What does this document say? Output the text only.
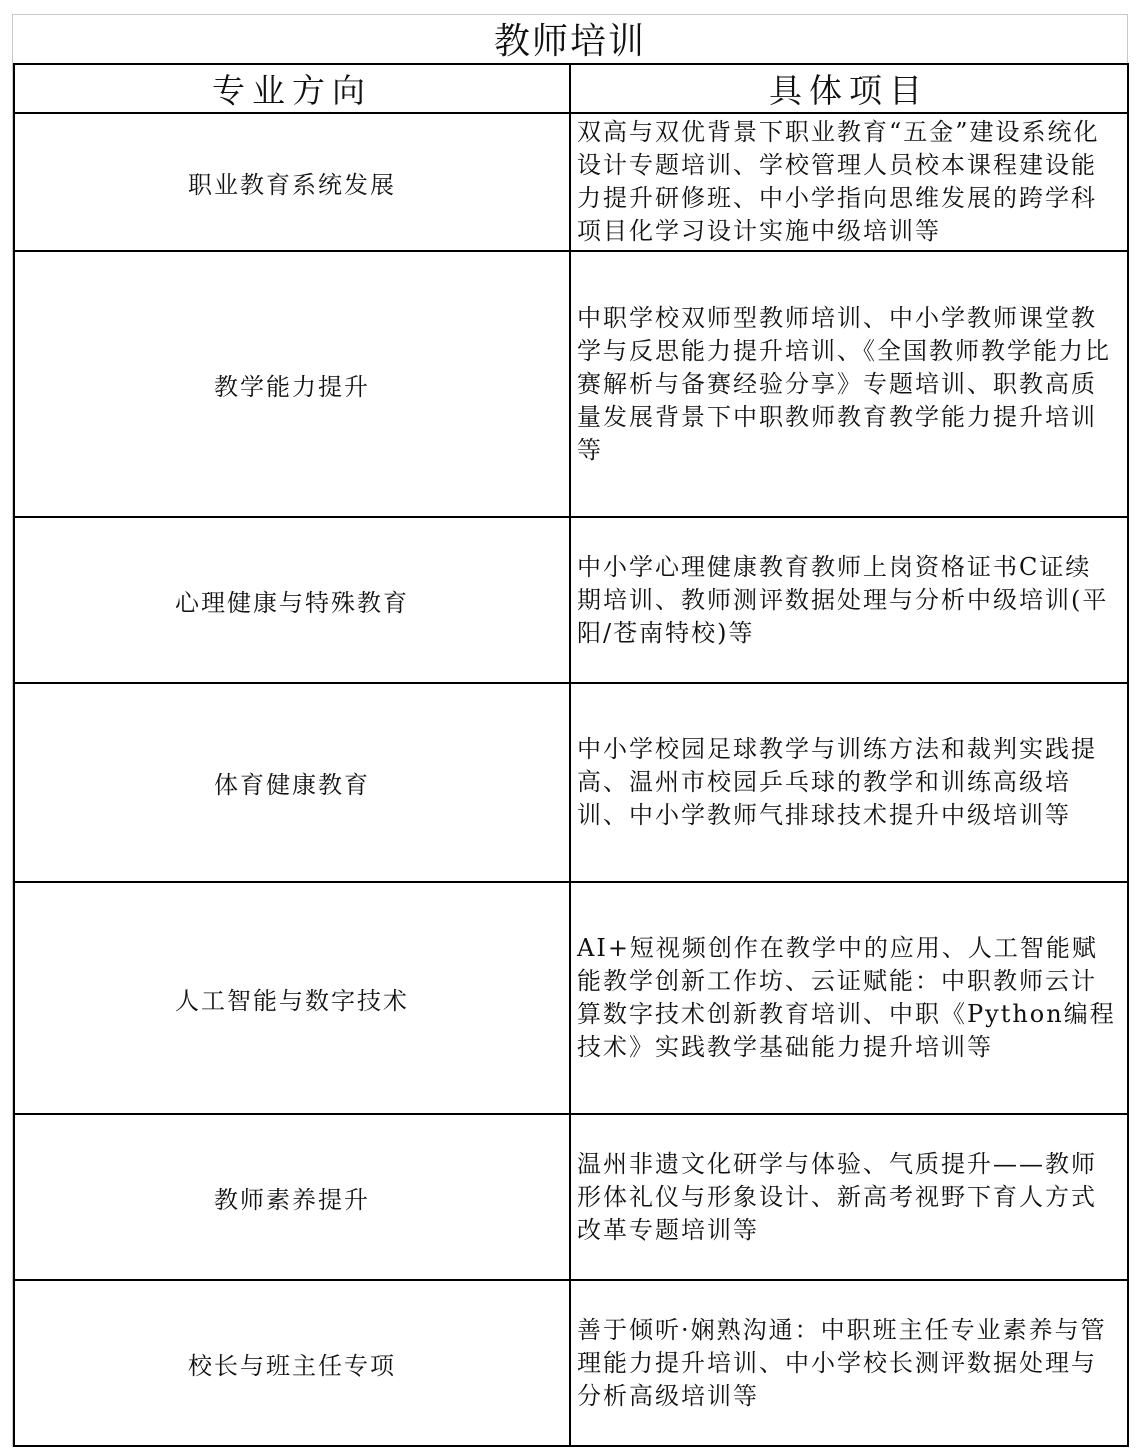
教师培训
专业方向	具体项目
职业教育系统发展	双高与双优背景下职业教育“五金”建设系统化设计专题培训、学校管理人员校本课程建设能力提升研修班、中小学指向思维发展的跨学科项目化学习设计实施中级培训等
教学能力提升	中职学校双师型教师培训、中小学教师课堂教学与反思能力提升培训、《全国教师教学能力比赛解析与备赛经验分享》专题培训、职教高质量发展背景下中职教师教育教学能力提升培训等
心理健康与特殊教育	中小学心理健康教育教师上岗资格证书C证续期培训、教师测评数据处理与分析中级培训(平阳/苍南特校)等
体育健康教育	中小学校园足球教学与训练方法和裁判实践提高、温州市校园乒乓球的教学和训练高级培训、中小学教师气排球技术提升中级培训等
人工智能与数字技术	AI+短视频创作在教学中的应用、人工智能赋能教学创新工作坊、云证赋能：中职教师云计算数字技术创新教育培训、中职《Python编程技术》实践教学基础能力提升培训等
教师素养提升	温州非遗文化研学与体验、气质提升——教师形体礼仪与形象设计、新高考视野下育人方式改革专题培训等
校长与班主任专项	善于倾听·娴熟沟通：中职班主任专业素养与管理能力提升培训、中小学校长测评数据处理与分析高级培训等
